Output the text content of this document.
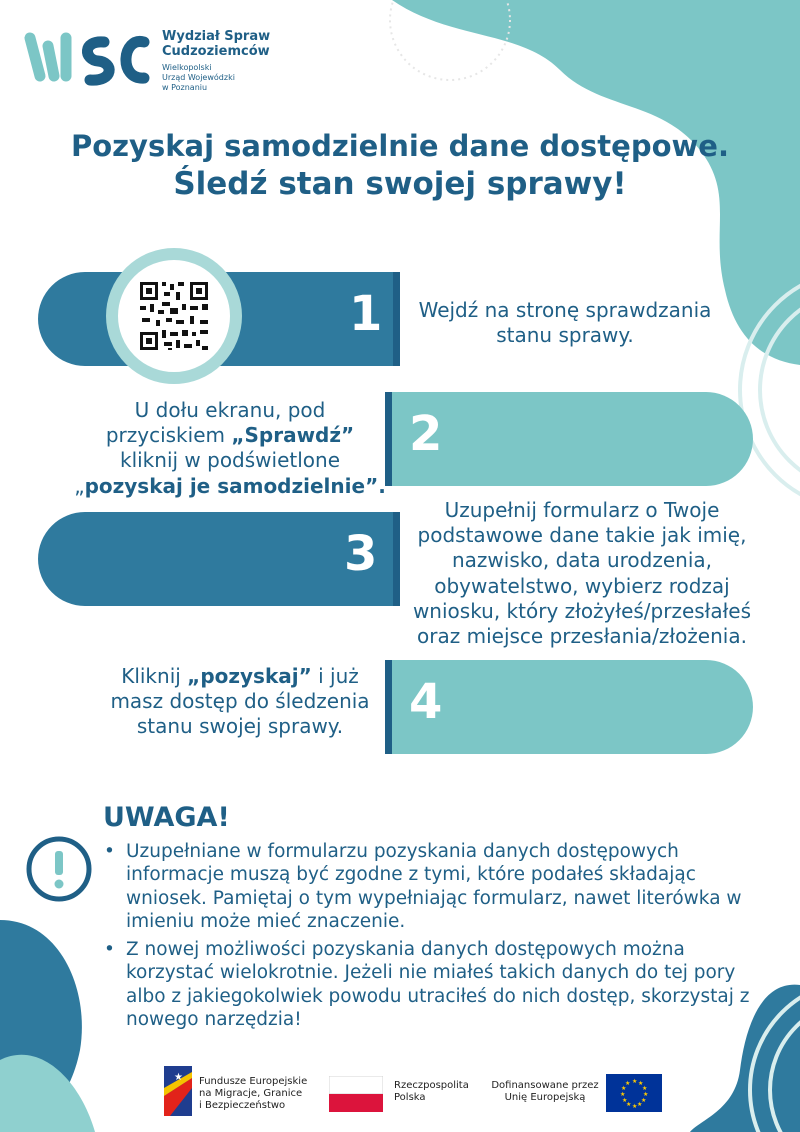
Wydział Spraw
Cudzoziemców
Wielkopolski
Urząd Wojewódzki
w Poznaniu
Pozyskaj samodzielnie dane dostępowe.
Śledź stan swojej sprawy!
1	Wejdź na stronę sprawdzania
stanu sprawy.
2
U dołu ekranu, pod
przyciskiem „Sprawdź”
kliknij w podświetlone
„pozyskaj je samodzielnie”.
3
Uzupełnij formularz o Twoje
podstawowe dane takie jak imię,
nazwisko, data urodzenia,
obywatelstwo, wybierz rodzaj
wniosku, który złożyłeś/przesłałeś
oraz miejsce przesłania/złożenia.
4
Kliknij „pozyskaj” i już
masz dostęp do śledzenia
stanu swojej sprawy.
UWAGA!
• Uzupełniane w formularzu pozyskania danych dostępowych informacje muszą być zgodne z tymi, które podałeś składając wniosek. Pamiętaj o tym wypełniając formularz, nawet literówka w imieniu może mieć znaczenie.
• Z nowej możliwości pozyskania danych dostępowych można korzystać wielokrotnie. Jeżeli nie miałeś takich danych do tej pory albo z jakiegokolwiek powodu utraciłeś do nich dostęp, skorzystaj z nowego narzędzia!
★ Fundusze Europejskie
na Migracje, Granice
i Bezpieczeństwo
Rzeczpospolita
Polska
Dofinansowane przez
Unię Europejską
★ ★
★
★
★
★
★
★
★
★
★
★
